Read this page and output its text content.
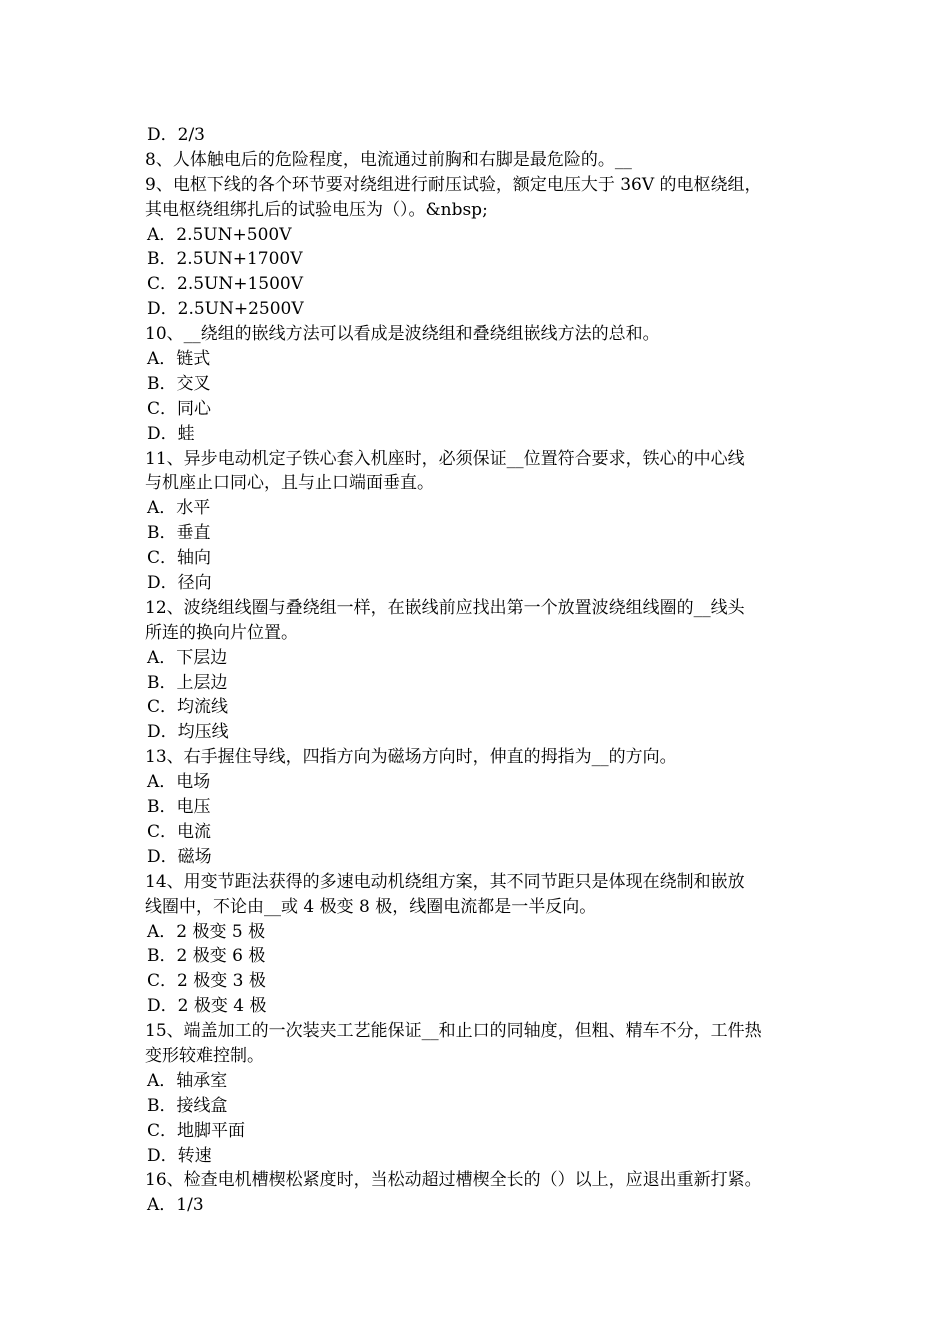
D．2/3
8、人体触电后的危险程度，电流通过前胸和右脚是最危险的。__
9、电枢下线的各个环节要对绕组进行耐压试验，额定电压大于 36V 的电枢绕组，
其电枢绕组绑扎后的试验电压为（）。&nbsp;
A．2.5UN+500V
B．2.5UN+1700V
C．2.5UN+1500V
D．2.5UN+2500V
10、__绕组的嵌线方法可以看成是波绕组和叠绕组嵌线方法的总和。
A．链式
B．交叉
C．同心
D．蛙
11、异步电动机定子铁心套入机座时，必须保证__位置符合要求，铁心的中心线
与机座止口同心，且与止口端面垂直。
A．水平
B．垂直
C．轴向
D．径向
12、波绕组线圈与叠绕组一样，在嵌线前应找出第一个放置波绕组线圈的__线头
所连的换向片位置。
A．下层边
B．上层边
C．均流线
D．均压线
13、右手握住导线，四指方向为磁场方向时，伸直的拇指为__的方向。
A．电场
B．电压
C．电流
D．磁场
14、用变节距法获得的多速电动机绕组方案，其不同节距只是体现在绕制和嵌放
线圈中，不论由__或 4 极变 8 极，线圈电流都是一半反向。
A．2 极变 5 极
B．2 极变 6 极
C．2 极变 3 极
D．2 极变 4 极
15、端盖加工的一次装夹工艺能保证__和止口的同轴度，但粗、精车不分，工件热
变形较难控制。
A．轴承室
B．接线盒
C．地脚平面
D．转速
16、检查电机槽楔松紧度时，当松动超过槽楔全长的（）以上，应退出重新打紧。
A．1/3
